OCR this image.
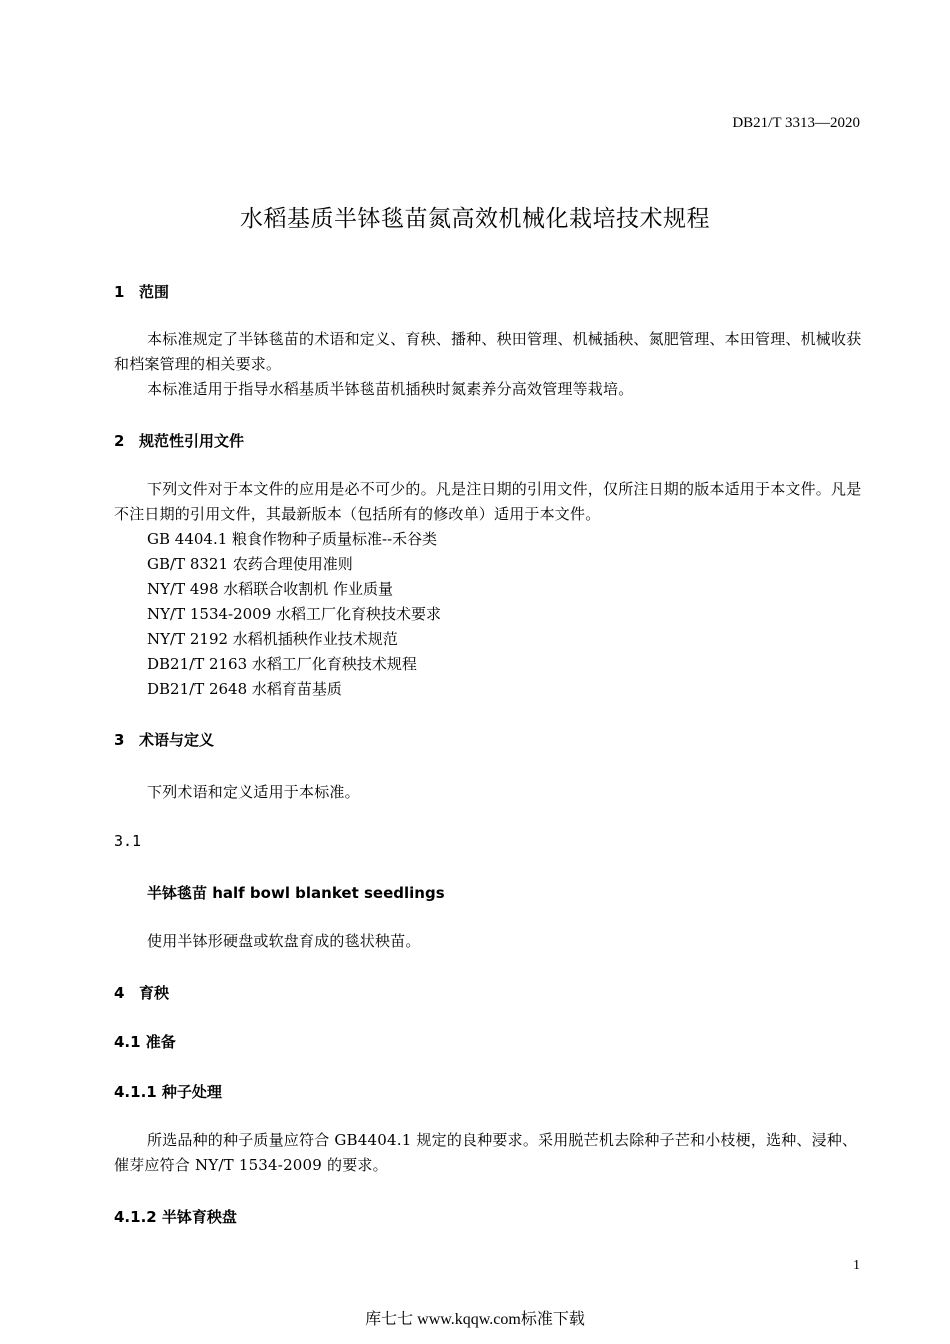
DB21/T 3313—2020
水稻基质半钵毯苗氮高效机械化栽培技术规程
1 范围
本标准规定了半钵毯苗的术语和定义、育秧、播种、秧田管理、机械插秧、氮肥管理、本田管理、机械收获和档案管理的相关要求。
本标准适用于指导水稻基质半钵毯苗机插秧时氮素养分高效管理等栽培。
2 规范性引用文件
下列文件对于本文件的应用是必不可少的。凡是注日期的引用文件，仅所注日期的版本适用于本文件。凡是不注日期的引用文件，其最新版本（包括所有的修改单）适用于本文件。
GB 4404.1 粮食作物种子质量标准--禾谷类
GB/T 8321 农药合理使用准则
NY/T 498 水稻联合收割机 作业质量
NY/T 1534-2009 水稻工厂化育秧技术要求
NY/T 2192 水稻机插秧作业技术规范
DB21/T 2163 水稻工厂化育秧技术规程
DB21/T 2648 水稻育苗基质
3 术语与定义
下列术语和定义适用于本标准。
3.1
半钵毯苗 half bowl blanket seedlings
使用半钵形硬盘或软盘育成的毯状秧苗。
4 育秧
4.1 准备
4.1.1 种子处理
所选品种的种子质量应符合 GB4404.1 规定的良种要求。采用脱芒机去除种子芒和小枝梗，选种、浸种、催芽应符合 NY/T 1534-2009 的要求。
4.1.2 半钵育秧盘
1
库七七 www.kqqw.com标准下载
